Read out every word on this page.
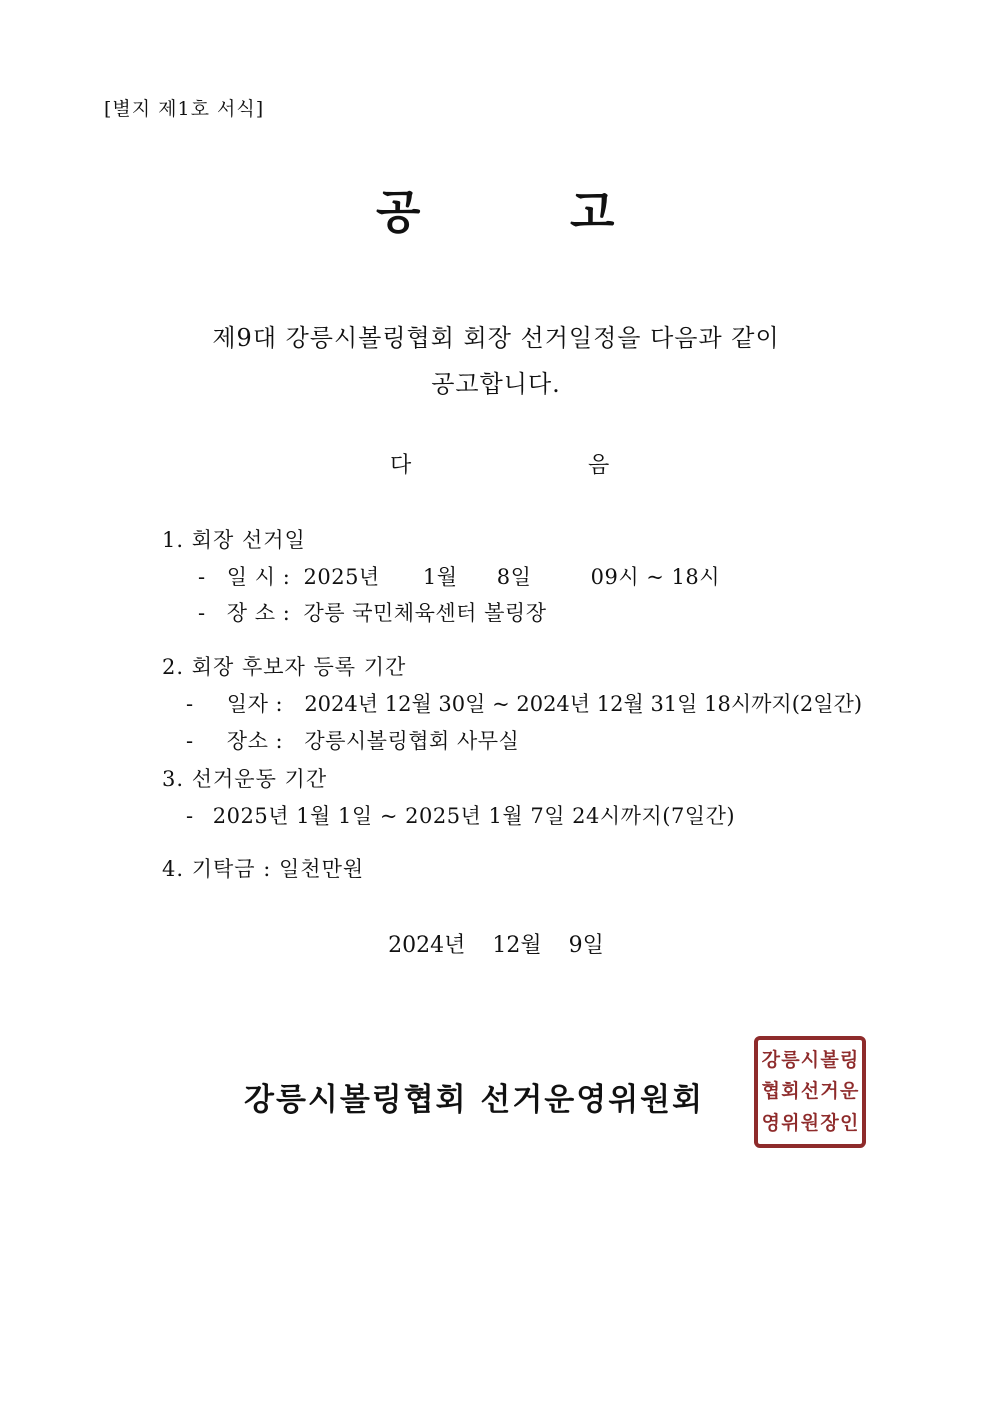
[별지 제1호 서식]
공	고
제9대 강릉시볼링협회 회장 선거일정을 다음과 같이
공고합니다.
다	음
1. 회장 선거일
- 일 시 : 2025년 1월 8일	09시 ~ 18시
- 장 소 : 강릉 국민체육센터 볼링장
2. 회장 후보자 등록 기간
- 일자 : 2024년 12월 30일 ~ 2024년 12월 31일 18시까지(2일간)
- 장소 : 강릉시볼링협회 사무실
3. 선거운동 기간
- 2025년 1월 1일 ~ 2025년 1월 7일 24시까지(7일간)
4. 기탁금 : 일천만원
2024년 12월 9일
강릉시볼링협회 선거운영위원회
강 릉 시 볼 링
협 회 선 거 운
영 위 원 장 인
